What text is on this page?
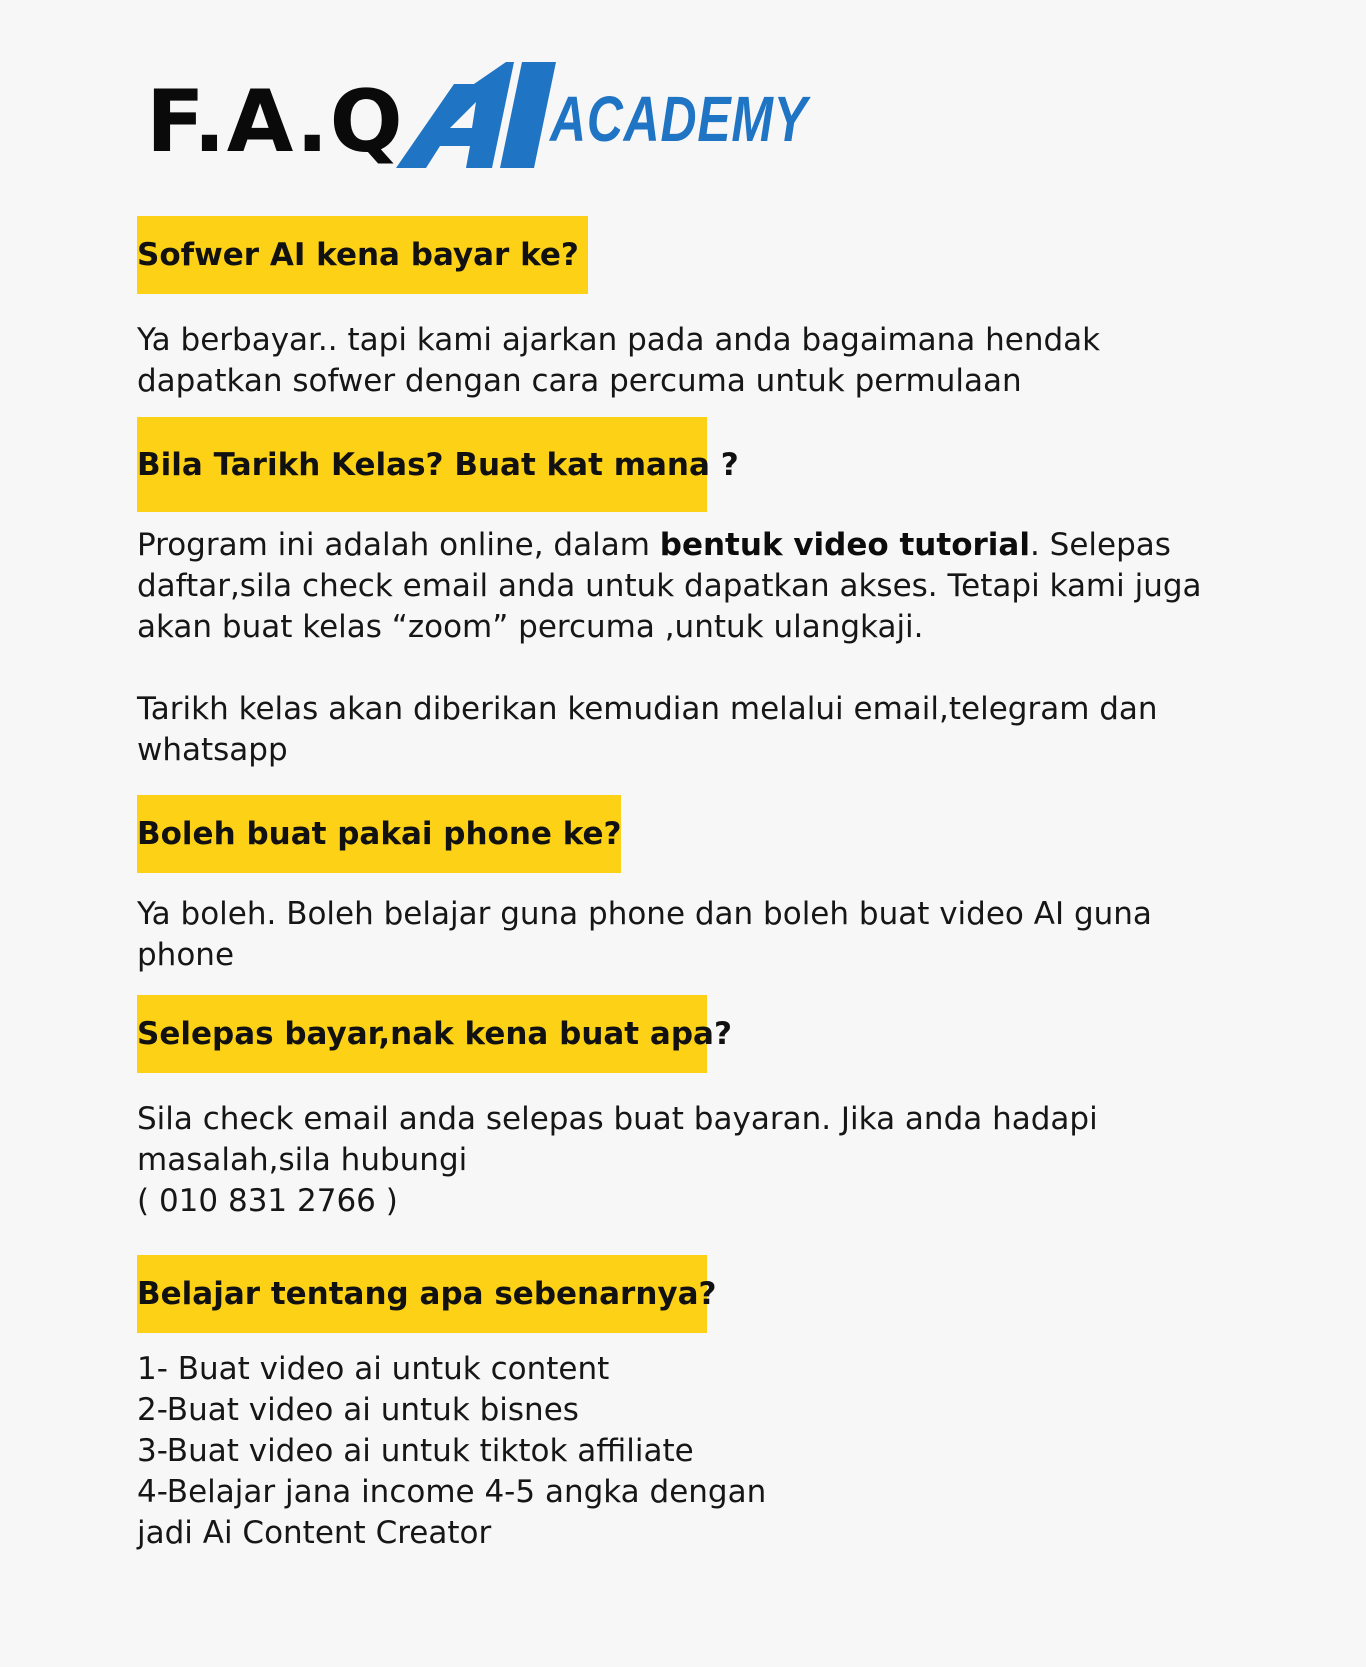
F.A.Q ACADEMY
Sofwer AI kena bayar ke?
Ya berbayar.. tapi kami ajarkan pada anda bagaimana hendak
dapatkan sofwer dengan cara percuma untuk permulaan
Bila Tarikh Kelas? Buat kat mana ?
Program ini adalah online, dalam bentuk video tutorial. Selepas
daftar,sila check email anda untuk dapatkan akses. Tetapi kami juga
akan buat kelas “zoom” percuma ,untuk ulangkaji.
Tarikh kelas akan diberikan kemudian melalui email,telegram dan
whatsapp
Boleh buat pakai phone ke?
Ya boleh. Boleh belajar guna phone dan boleh buat video AI guna
phone
Selepas bayar,nak kena buat apa?
Sila check email anda selepas buat bayaran. Jika anda hadapi
masalah,sila hubungi
( 010 831 2766 )
Belajar tentang apa sebenarnya?
1- Buat video ai untuk content
2-Buat video ai untuk bisnes
3-Buat video ai untuk tiktok affiliate
4-Belajar jana income 4-5 angka dengan
jadi Ai Content Creator
